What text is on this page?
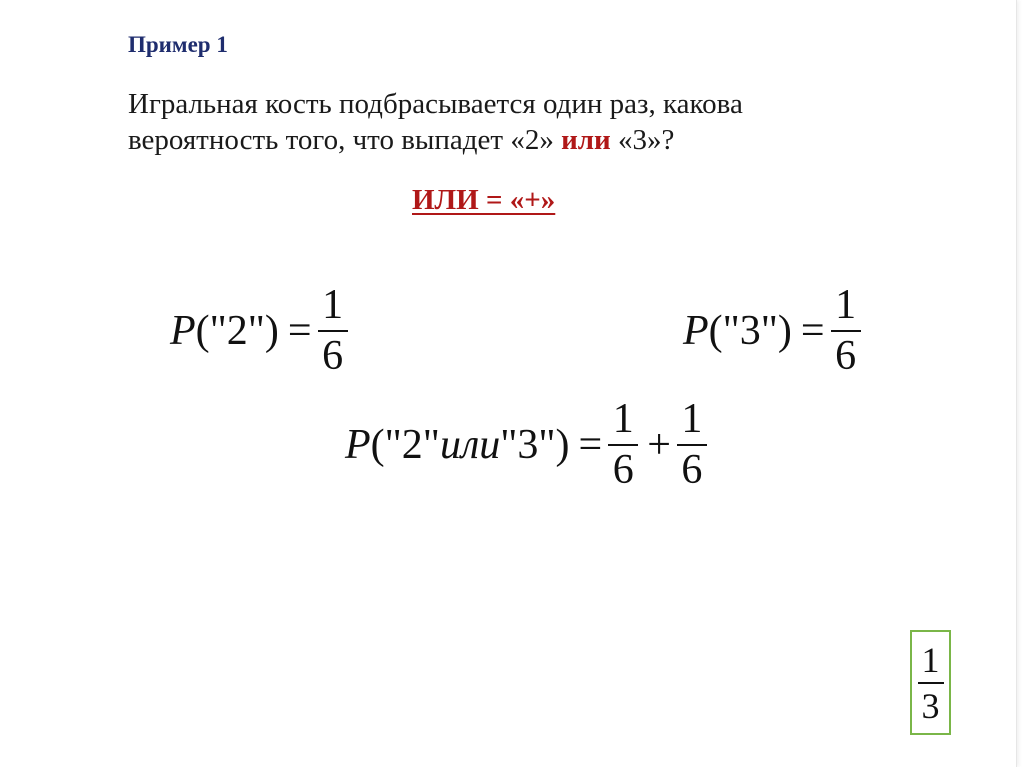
Пример 1
Игральная кость подбрасывается один раз, какова
вероятность того, что выпадет «2» или «3»?
ИЛИ = «+»
P ("2") = $\frac{1}{6}$	P ("3") = $\frac{1}{6}$
P ("2" или "3") = $\frac{1}{6} + \frac{1}{6}$
1
3
